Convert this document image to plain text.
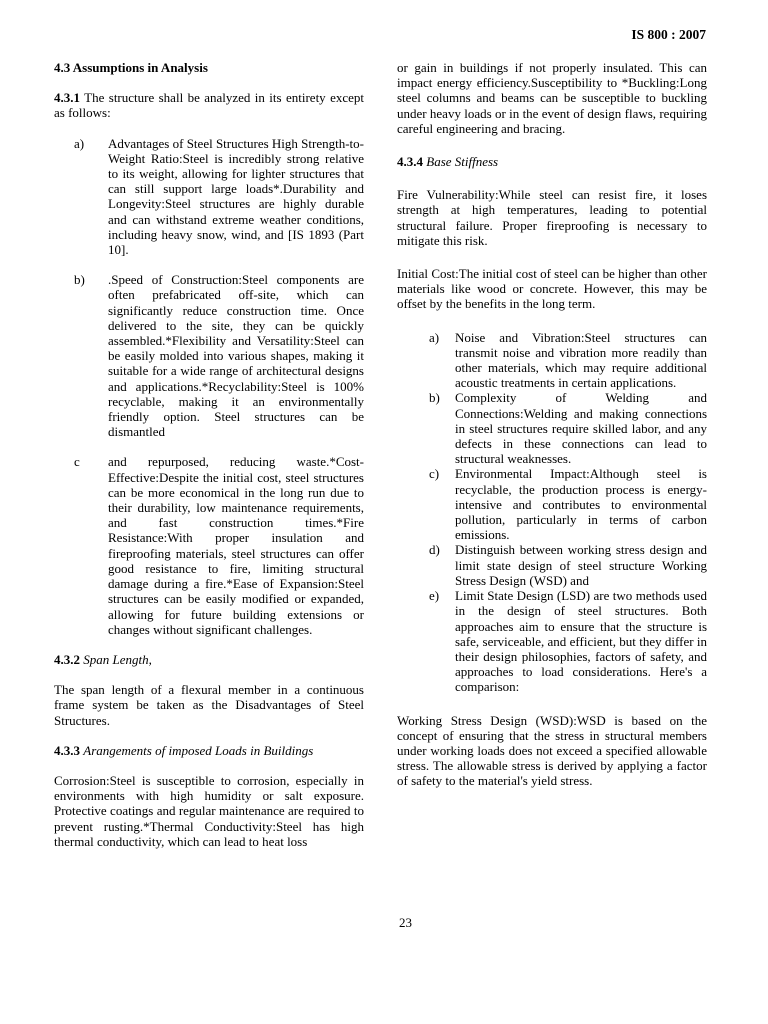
IS 800 : 2007

4.3 Assumptions in Analysis

4.3.1 The structure shall be analyzed in its entirety except as follows:

a)	Advantages of Steel Structures High Strength-to-Weight Ratio:Steel is incredibly strong relative to its weight, allowing for lighter structures that can still support large loads*.Durability and Longevity:Steel structures are highly durable and can withstand extreme weather conditions, including heavy snow, wind, and [IS 1893 (Part 10].
b)	.Speed of Construction:Steel components are often prefabricated off-site, which can significantly reduce construction time. Once delivered to the site, they can be quickly assembled.*Flexibility and Versatility:Steel can be easily molded into various shapes, making it suitable for a wide range of architectural designs and applications.*Recyclability:Steel is 100% recyclable, making it an environmentally friendly option. Steel structures can be dismantled
c	and repurposed, reducing waste.*Cost-Effective:Despite the initial cost, steel structures can be more economical in the long run due to their durability, low maintenance requirements, and fast construction times.*Fire Resistance:With proper insulation and fireproofing materials, steel structures can offer good resistance to fire, limiting structural damage during a fire.*Ease of Expansion:Steel structures can be easily modified or expanded, allowing for future building extensions or changes without significant challenges.

4.3.2 Span Length,

The span length of a flexural member in a continuous frame system be taken as the Disadvantages of Steel Structures.

4.3.3 Arangements of imposed Loads in Buildings

Corrosion:Steel is susceptible to corrosion, especially in environments with high humidity or salt exposure. Protective coatings and regular maintenance are required to prevent rusting.*Thermal Conductivity:Steel has high thermal conductivity, which can lead to heat loss

or gain in buildings if not properly insulated. This can impact energy efficiency.Susceptibility to *Buckling:Long steel columns and beams can be susceptible to buckling under heavy loads or in the event of design flaws, requiring careful engineering and bracing.

4.3.4 Base Stiffness

Fire Vulnerability:While steel can resist fire, it loses strength at high temperatures, leading to potential structural failure. Proper fireproofing is necessary to mitigate this risk.

Initial Cost:The initial cost of steel can be higher than other materials like wood or concrete. However, this may be offset by the benefits in the long term.

a)	Noise and Vibration:Steel structures can transmit noise and vibration more readily than other materials, which may require additional acoustic treatments in certain applications.
b)	Complexity of Welding and Connections:Welding and making connections in steel structures require skilled labor, and any defects in these connections can lead to structural weaknesses.
c)	Environmental Impact:Although steel is recyclable, the production process is energy-intensive and contributes to environmental pollution, particularly in terms of carbon emissions.
d)	Distinguish between working stress design and limit state design of steel structure Working Stress Design (WSD) and
e)	Limit State Design (LSD) are two methods used in the design of steel structures. Both approaches aim to ensure that the structure is safe, serviceable, and efficient, but they differ in their design philosophies, factors of safety, and approaches to load considerations. Here's a comparison:

Working Stress Design (WSD):WSD is based on the concept of ensuring that the stress in structural members under working loads does not exceed a specified allowable stress. The allowable stress is derived by applying a factor of safety to the material's yield stress.

23
